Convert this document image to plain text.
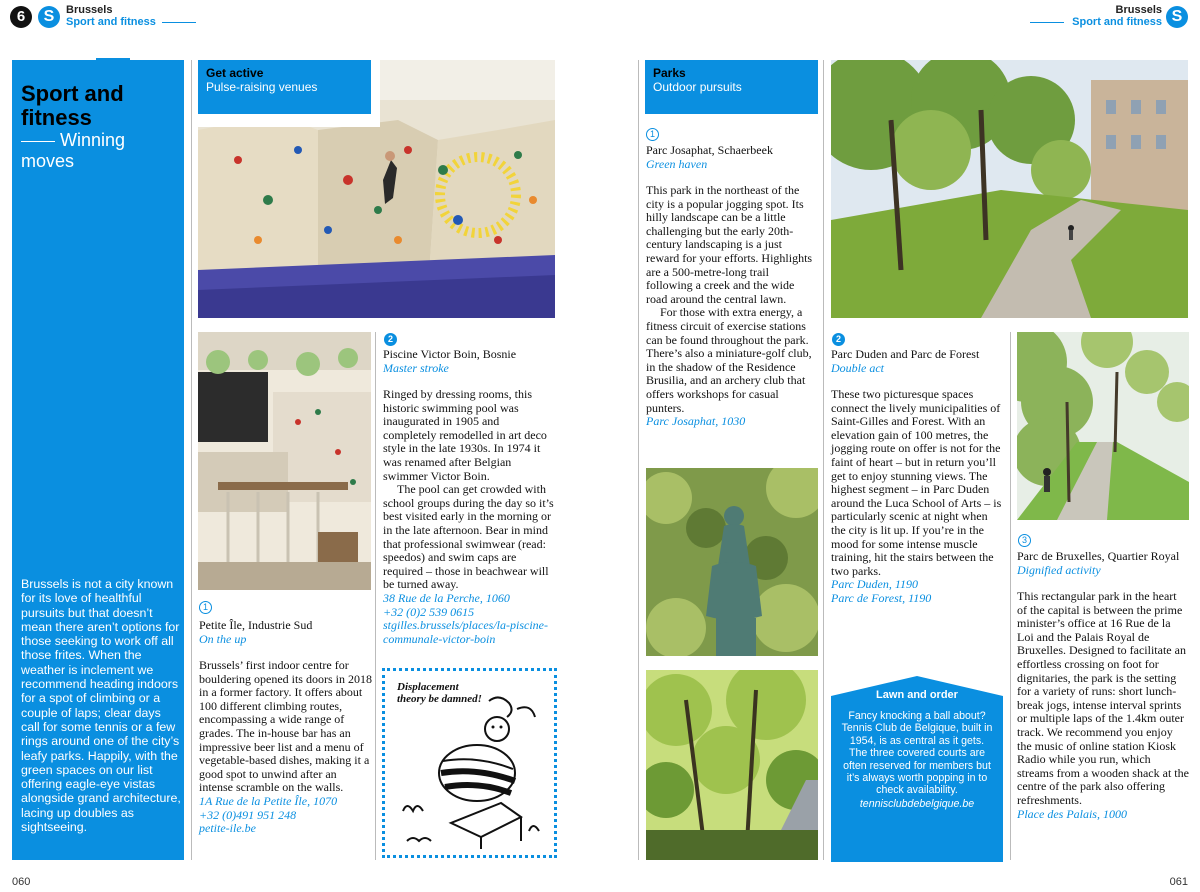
6	S	Brussels
Sport and fitness
Brussels
Sport and fitness S
Sport and fitness
Winning moves
Brussels is not a city known for its love of healthful pursuits but that doesn’t mean there aren’t options for those seeking to work off all those frites. When the weather is inclement we recommend heading indoors for a spot of climbing or a couple of laps; clear days call for some tennis or a few rings around one of the city’s leafy parks. Happily, with the green spaces on our list offering eagle-eye vistas alongside grand architecture, lacing up doubles as sightseeing.
Get active
Pulse-raising venues
1
Petite Île, Industrie Sud
On the up
Brussels’ first indoor centre for bouldering opened its doors in 2018 in a former factory. It offers about 100 different climbing routes, encompassing a wide range of grades. The in-house bar has an impressive beer list and a menu of vegetable-based dishes, making it a good spot to unwind after an intense scramble on the walls.
1A Rue de la Petite Île, 1070
+32 (0)491 951 248
petite-ile.be
2
Piscine Victor Boin, Bosnie
Master stroke
Ringed by dressing rooms, this historic swimming pool was inaugurated in 1905 and completely remodelled in art deco style in the late 1930s. In 1974 it was renamed after Belgian swimmer Victor Boin.
The pool can get crowded with school groups during the day so it’s best visited early in the morning or in the late afternoon. Bear in mind that professional swimwear (read: speedos) and swim caps are required – those in beachwear will be turned away.
38 Rue de la Perche, 1060
+32 (0)2 539 0615
stgilles.brussels/places/la-piscine-communale-victor-boin
Displacement theory be damned!
Parks
Outdoor pursuits
1
Parc Josaphat, Schaerbeek
Green haven
This park in the northeast of the city is a popular jogging spot. Its hilly landscape can be a little challenging but the early 20th-century landscaping is a just reward for your efforts. Highlights are a 500-metre-long trail following a creek and the wide road around the central lawn.
For those with extra energy, a fitness circuit of exercise stations can be found throughout the park. There’s also a miniature-golf club, in the shadow of the Residence Brusilia, and an archery club that offers workshops for casual punters.
Parc Josaphat, 1030
2
Parc Duden and Parc de Forest
Double act
These two picturesque spaces connect the lively municipalities of Saint-Gilles and Forest. With an elevation gain of 100 metres, the jogging route on offer is not for the faint of heart – but in return you’ll get to enjoy stunning views. The highest segment – in Parc Duden around the Luca School of Arts – is particularly scenic at night when the city is lit up. If you’re in the mood for some intense muscle training, hit the stairs between the two parks.
Parc Duden, 1190
Parc de Forest, 1190
Lawn and order
Fancy knocking a ball about? Tennis Club de Belgique, built in 1954, is as central as it gets. The three covered courts are often reserved for members but it’s always worth popping in to check availability.
tennisclubdebelgique.be
3
Parc de Bruxelles, Quartier Royal
Dignified activity
This rectangular park in the heart of the capital is between the prime minister’s office at 16 Rue de la Loi and the Palais Royal de Bruxelles. Designed to facilitate an effortless crossing on foot for dignitaries, the park is the setting for a variety of runs: short lunch-break jogs, intense interval sprints or multiple laps of the 1.4km outer track. We recommend you enjoy the music of online station Kiosk Radio while you run, which streams from a wooden shack at the centre of the park also offering refreshments.
Place des Palais, 1000
060	061
